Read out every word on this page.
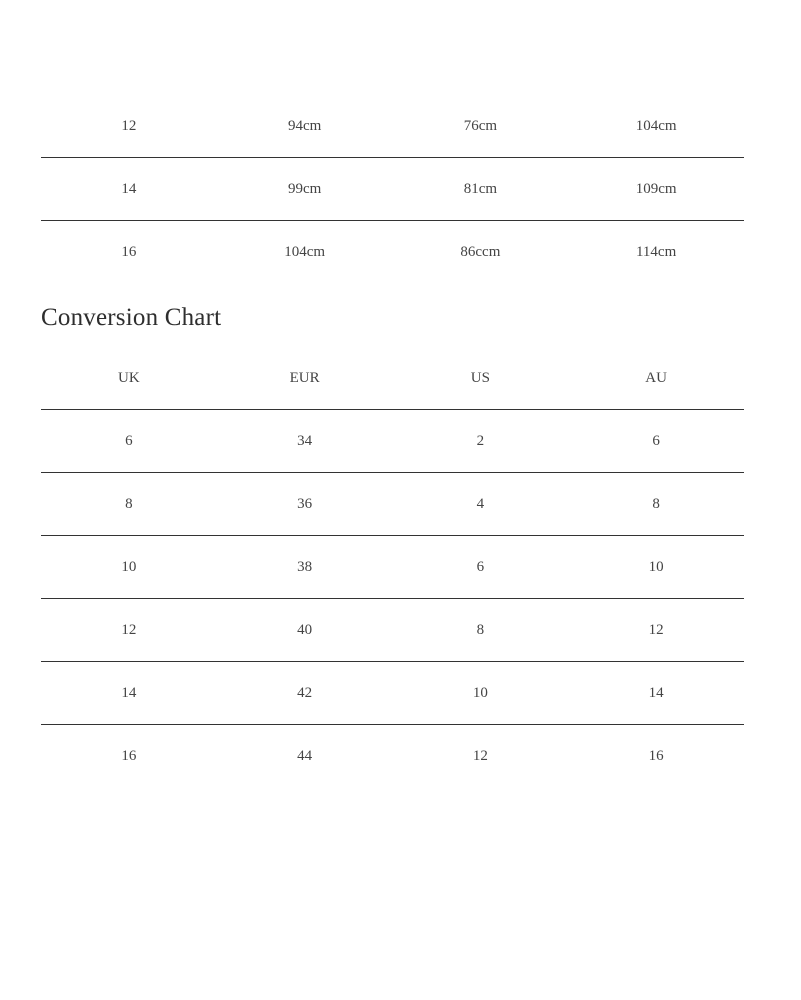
12	94cm	76cm	104cm
14	99cm	81cm	109cm
16	104cm	86ccm	114cm
Conversion Chart
UK	EUR	US	AU
6	34	2	6
8	36	4	8
10	38	6	10
12	40	8	12
14	42	10	14
16	44	12	16
